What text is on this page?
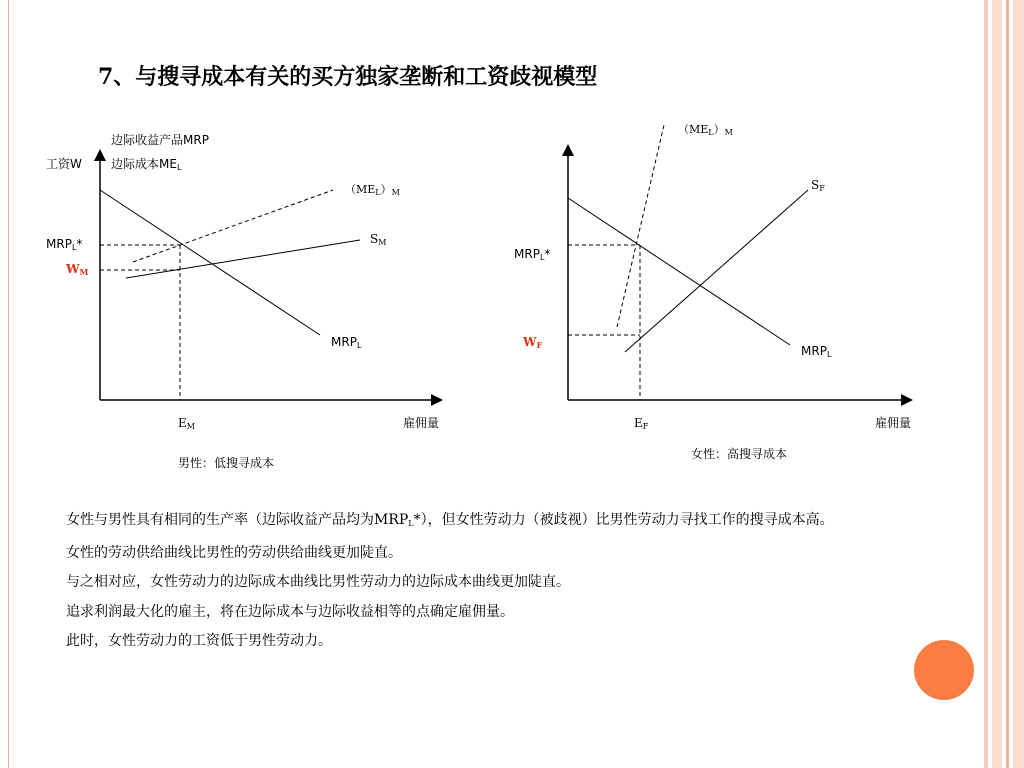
7、与搜寻成本有关的买方独家垄断和工资歧视模型
边际收益产品MRP
边际成本$ME_L$
工资W
$MRP_L*$
$W_M$
$(ME_L)_M$
$S_M$
$MRP_L$
$E_M$	雇佣量
男性：低搜寻成本
$(ME_L)_M$
$S_F$
$MRP_L*$
$W_F$	$MRP_L$
$E_F$	雇佣量
女性：高搜寻成本

女性与男性具有相同的生产率（边际收益产品均为$MRP_L*$），但女性劳动力（被歧视）比男性劳动力寻找工作的搜寻成本高。

女性的劳动供给曲线比男性的劳动供给曲线更加陡直。

与之相对应，女性劳动力的边际成本曲线比男性劳动力的边际成本曲线更加陡直。

追求利润最大化的雇主，将在边际成本与边际收益相等的点确定雇佣量。

此时，女性劳动力的工资低于男性劳动力。
